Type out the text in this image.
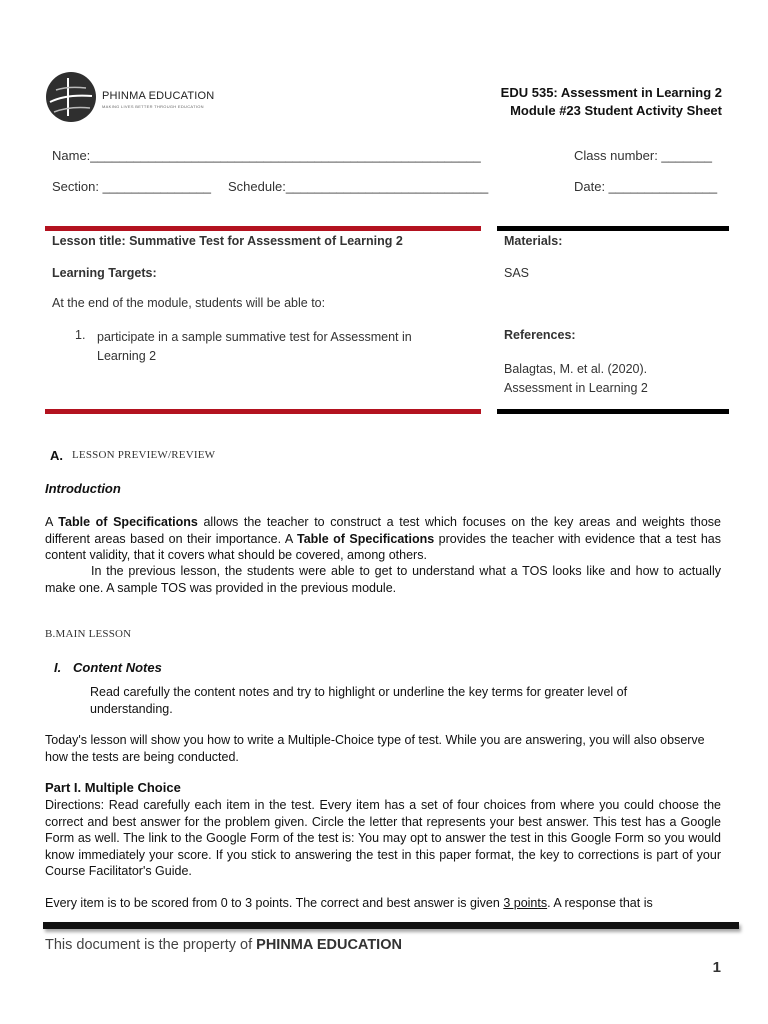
PHINMA EDUCATION
MAKING LIVES BETTER THROUGH EDUCATION
EDU 535: Assessment in Learning 2
Module #23 Student Activity Sheet
Name:______________________________________________________	Class number: _______
Section: _______________ Schedule:____________________________	Date: _______________
Lesson title: Summative Test for Assessment of Learning 2
Learning Targets:
At the end of the module, students will be able to:
1. participate in a sample summative test for Assessment in
Learning 2
Materials:
SAS
References:
Balagtas, M. et al. (2020).
Assessment in Learning 2
A. LESSON PREVIEW/REVIEW
Introduction
A Table of Specifications allows the teacher to construct a test which focuses on the key areas and weights those different areas based on their importance. A Table of Specifications provides the teacher with evidence that a test has content validity, that it covers what should be covered, among others.
In the previous lesson, the students were able to get to understand what a TOS looks like and how to actually make one. A sample TOS was provided in the previous module.
B.MAIN LESSON
I. Content Notes
Read carefully the content notes and try to highlight or underline the key terms for greater level of understanding.
Today's lesson will show you how to write a Multiple-Choice type of test. While you are answering, you will also observe how the tests are being conducted.
Part I. Multiple Choice
Directions: Read carefully each item in the test. Every item has a set of four choices from where you could choose the correct and best answer for the problem given. Circle the letter that represents your best answer. This test has a Google Form as well. The link to the Google Form of the test is: You may opt to answer the test in this Google Form so you would know immediately your score. If you stick to answering the test in this paper format, the key to corrections is part of your Course Facilitator's Guide.
Every item is to be scored from 0 to 3 points. The correct and best answer is given 3 points. A response that is
This document is the property of PHINMA EDUCATION
1
